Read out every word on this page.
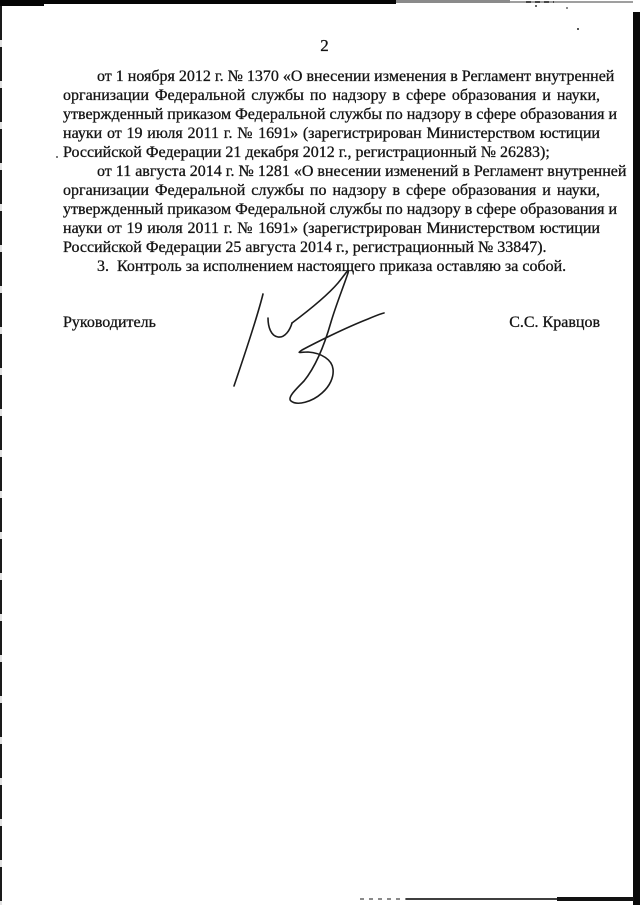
2
от 1 ноября 2012 г. № 1370 «О внесении изменения в Регламент внутренней
организации Федеральной службы по надзору в сфере образования и науки,
утвержденный приказом Федеральной службы по надзору в сфере образования и
науки от 19 июля 2011 г. № 1691» (зарегистрирован Министерством юстиции
Российской Федерации 21 декабря 2012 г., регистрационный № 26283);
от 11 августа 2014 г. № 1281 «О внесении изменений в Регламент внутренней
организации Федеральной службы по надзору в сфере образования и науки,
утвержденный приказом Федеральной службы по надзору в сфере образования и
науки от 19 июля 2011 г. № 1691» (зарегистрирован Министерством юстиции
Российской Федерации 25 августа 2014 г., регистрационный № 33847).
3. Контроль за исполнением настоящего приказа оставляю за собой.
Руководитель	С.С. Кравцов
